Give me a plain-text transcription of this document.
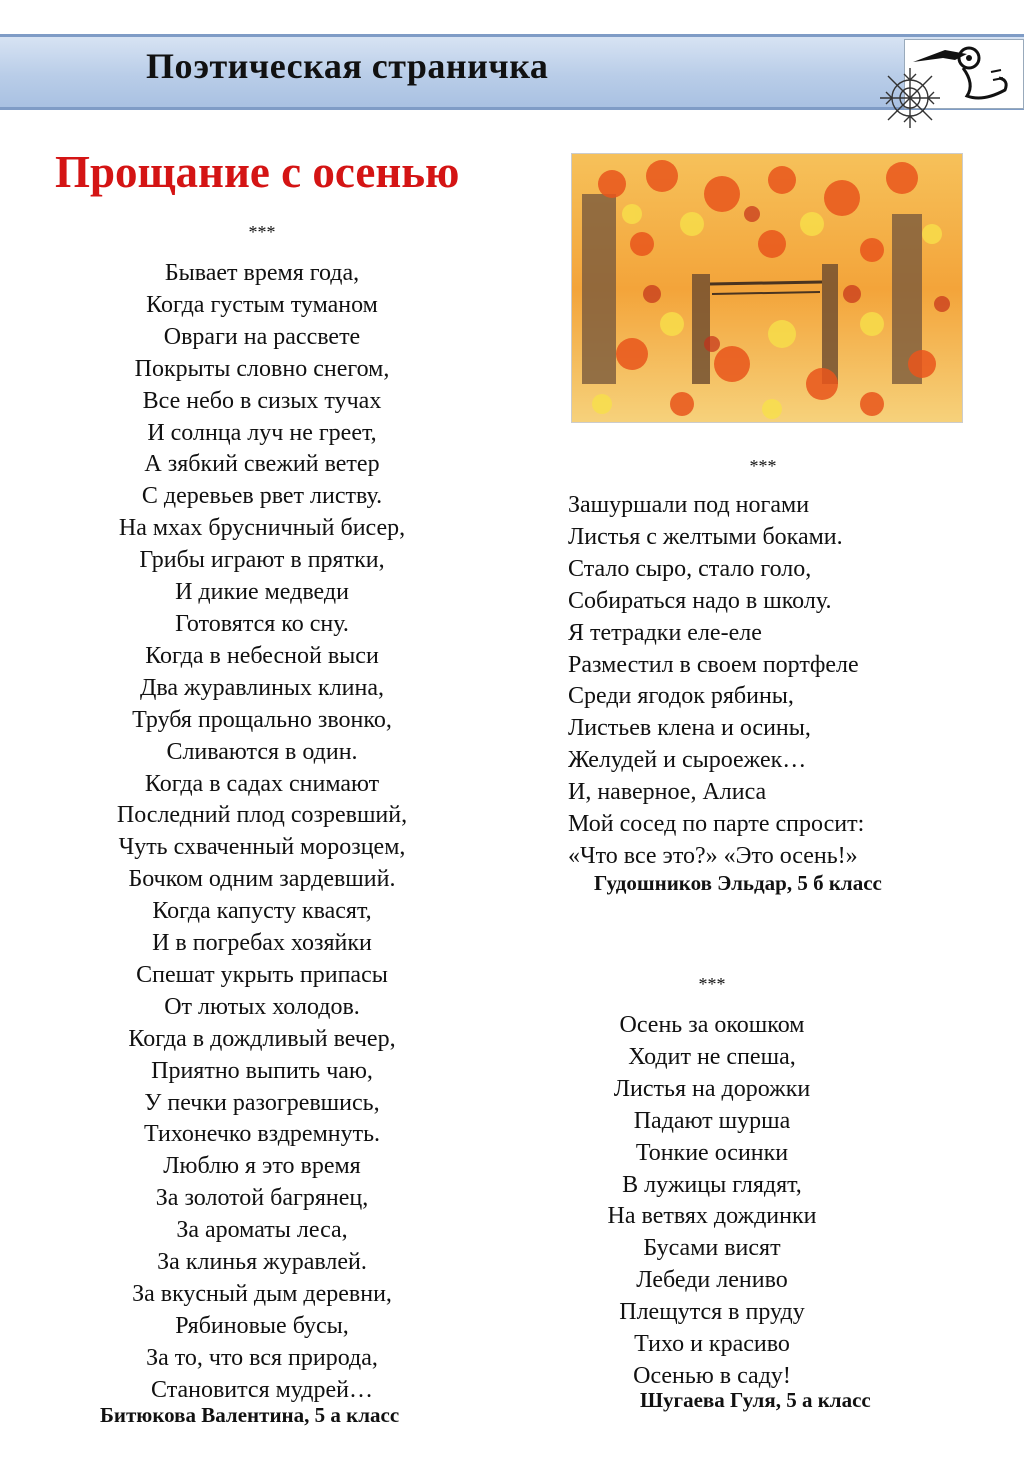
Поэтическая страничка
Прощание с осенью
***
Бывает время года,
Когда густым туманом
Овраги на рассвете
Покрыты словно снегом,
Все небо в сизых тучах
И солнца луч не греет,
А зябкий свежий ветер
С деревьев рвет листву.
На мхах брусничный бисер,
Грибы играют в прятки,
И дикие медведи
Готовятся ко сну.
Когда в небесной выси
Два журавлиных клина,
Трубя прощально звонко,
Сливаются в один.
Когда в садах снимают
Последний плод созревший,
Чуть схваченный морозцем,
Бочком одним зардевший.
Когда капусту квасят,
И в погребах хозяйки
Спешат укрыть припасы
От лютых холодов.
Когда в дождливый вечер,
Приятно выпить чаю,
У печки разогревшись,
Тихонечко вздремнуть.
Люблю я это время
За золотой багрянец,
За ароматы леса,
За клинья журавлей.
За вкусный дым деревни,
Рябиновые бусы,
За то, что вся природа,
Становится мудрей…
Битюкова Валентина, 5 а класс
***
Зашуршали под ногами
Листья с желтыми боками.
Стало сыро, стало голо,
Собираться надо в школу.
Я тетрадки еле-еле
Разместил в своем портфеле
Среди ягодок рябины,
Листьев клена и осины,
Желудей и сыроежек…
И, наверное, Алиса
Мой сосед по парте спросит:
«Что все это?» «Это осень!»
Гудошников Эльдар, 5 б класс
***
Осень за окошком
Ходит не спеша,
Листья на дорожки
Падают шурша
Тонкие осинки
В лужицы глядят,
На ветвях дождинки
Бусами висят
Лебеди лениво
Плещутся в пруду
Тихо и красиво
Осенью в саду!
Шугаева Гуля, 5 а класс
